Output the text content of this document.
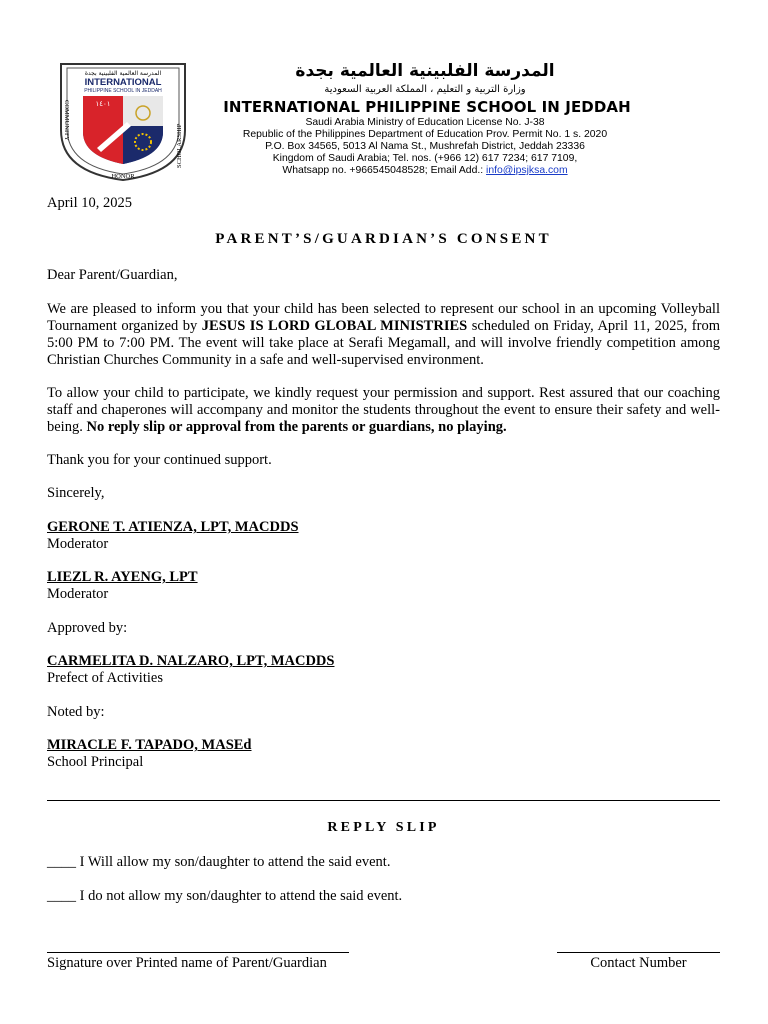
المدرسة العالمية الفلبينية بجدة
INTERNATIONAL
PHILIPPINE SCHOOL IN JEDDAH
١٤٠١
COMMUNITY
HONOR
SCHOLARSHIP
المدرسة الفلبينية العالمية بجدة
وزارة التربية و التعليم ، المملكة العربية السعودية
INTERNATIONAL PHILIPPINE SCHOOL IN JEDDAH
Saudi Arabia Ministry of Education License No. J-38
Republic of the Philippines Department of Education Prov. Permit No. 1 s. 2020
P.O. Box 34565, 5013 Al Nama St., Mushrefah District, Jeddah 23336
Kingdom of Saudi Arabia; Tel. nos. (+966 12) 617 7234; 617 7109,
Whatsapp no. +966545048528; Email Add.: info@ipsjksa.com
April 10, 2025
PARENT’S/GUARDIAN’S CONSENT
Dear Parent/Guardian,
We are pleased to inform you that your child has been selected to represent our school in an upcoming Volleyball Tournament organized by JESUS IS LORD GLOBAL MINISTRIES scheduled on Friday, April 11, 2025, from 5:00 PM to 7:00 PM. The event will take place at Serafi Megamall, and will involve friendly competition among Christian Churches Community in a safe and well-supervised environment.
To allow your child to participate, we kindly request your permission and support. Rest assured that our coaching staff and chaperones will accompany and monitor the students throughout the event to ensure their safety and well-being. No reply slip or approval from the parents or guardians, no playing.
Thank you for your continued support.
Sincerely,
GERONE T. ATIENZA, LPT, MACDDS
Moderator
LIEZL R. AYENG, LPT
Moderator
Approved by:
CARMELITA D. NALZARO, LPT, MACDDS
Prefect of Activities
Noted by:
MIRACLE F. TAPADO, MASEd
School Principal
REPLY SLIP
____ I Will allow my son/daughter to attend the said event.
____ I do not allow my son/daughter to attend the said event.
Signature over Printed name of Parent/Guardian	Contact Number
